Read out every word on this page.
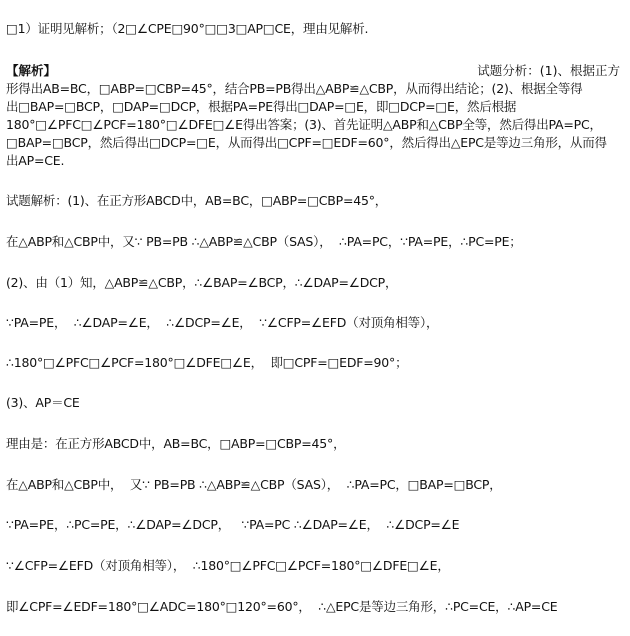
□1）证明见解析；（2□∠CPE□90°□□3□AP□CE，理由见解析.
【解析】	试题分析：(1)、根据正方
形得出AB=BC，□ABP=□CBP=45°，结合PB=PB得出△ABP≌△CBP，从而得出结论；(2)、根据全等得
出□BAP=□BCP，□DAP=□DCP，根据PA=PE得出□DAP=□E，即□DCP=□E，然后根据
180°□∠PFC□∠PCF=180°□∠DFE□∠E得出答案；(3)、首先证明△ABP和△CBP全等，然后得出PA=PC，
□BAP=□BCP，然后得出□DCP=□E，从而得出□CPF=□EDF=60°，然后得出△EPC是等边三角形，从而得
出AP=CE.
试题解析：(1)、在正方形ABCD中，AB=BC，□ABP=□CBP=45°，
在△ABP和△CBP中，又∵ PB=PB ∴△ABP≌△CBP（SAS），  ∴PA=PC，∵PA=PE，∴PC=PE；
(2)、由（1）知，△ABP≌△CBP，∴∠BAP=∠BCP，∴∠DAP=∠DCP，
∵PA=PE，  ∴∠DAP=∠E，  ∴∠DCP=∠E，  ∵∠CFP=∠EFD（对顶角相等），
∴180°□∠PFC□∠PCF=180°□∠DFE□∠E，  即□CPF=□EDF=90°；
(3)、AP＝CE
理由是：在正方形ABCD中，AB=BC，□ABP=□CBP=45°，
在△ABP和△CBP中，  又∵ PB=PB ∴△ABP≌△CBP（SAS），  ∴PA=PC，□BAP=□BCP，
∵PA=PE，∴PC=PE，∴∠DAP=∠DCP，   ∵PA=PC ∴∠DAP=∠E，  ∴∠DCP=∠E
∵∠CFP=∠EFD（对顶角相等），  ∴180°□∠PFC□∠PCF=180°□∠DFE□∠E，
即∠CPF=∠EDF=180°□∠ADC=180°□120°=60°，  ∴△EPC是等边三角形，∴PC=CE，∴AP=CE
